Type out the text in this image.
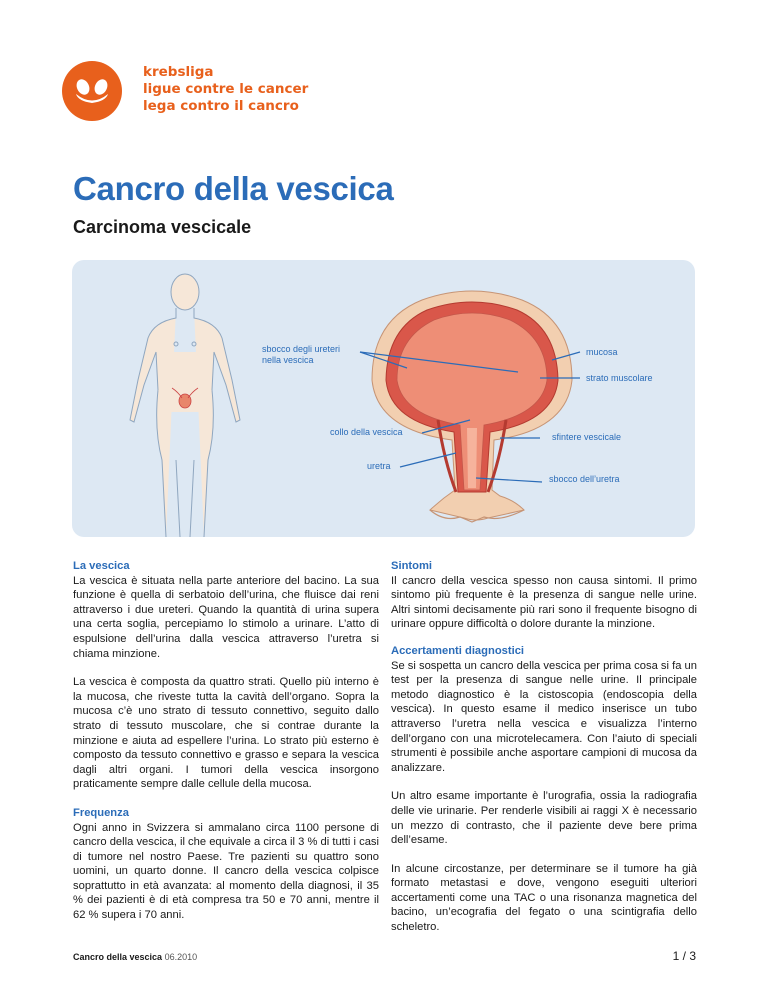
krebsliga
ligue contre le cancer
lega contro il cancro
Cancro della vescica
Carcinoma vescicale
sbocco degli ureteri
nella vescica
mucosa
strato muscolare
collo della vescica	sfintere vescicale
uretra
sbocco dell’uretra
La vescica

La vescica è situata nella parte anteriore del bacino. La sua funzione è quella di serbatoio dell’urina, che fluisce dai reni attraverso i due ureteri. Quando la quantità di urina supera una certa soglia, percepiamo lo stimolo a urinare. L’atto di espulsione dell’urina dalla vescica attraverso l’uretra si chiama minzione.

La vescica è composta da quattro strati. Quello più interno è la mucosa, che riveste tutta la cavità dell’organo. Sopra la mucosa c’è uno strato di tessuto connettivo, seguito dallo strato di tessuto muscolare, che si contrae durante la minzione e aiuta ad espellere l’urina. Lo strato più esterno è composto da tessuto connettivo e grasso e separa la vescica dagli altri organi. I tumori della vescica insorgono praticamente sempre dalle cellule della mucosa.

Frequenza

Ogni anno in Svizzera si ammalano circa 1100 persone di cancro della vescica, il che equivale a circa il 3 % di tutti i casi di tumore nel nostro Paese. Tre pazienti su quattro sono uomini, un quarto donne. Il cancro della vescica colpisce soprattutto in età avanzata: al momento della diagnosi, il 35 % dei pazienti è di età compresa tra 50 e 70 anni, mentre il 62 % supera i 70 anni.

Sintomi

Il cancro della vescica spesso non causa sintomi. Il primo sintomo più frequente è la presenza di sangue nelle urine. Altri sintomi decisamente più rari sono il frequente bisogno di urinare oppure difficoltà o dolore durante la minzione.

Accertamenti diagnostici

Se si sospetta un cancro della vescica per prima cosa si fa un test per la presenza di sangue nelle urine. Il principale metodo diagnostico è la cistoscopia (endoscopia della vescica). In questo esame il medico inserisce un tubo attraverso l’uretra nella vescica e visualizza l’interno dell’organo con una microtelecamera. Con l’aiuto di speciali strumenti è possibile anche asportare campioni di mucosa da analizzare.

Un altro esame importante è l’urografia, ossia la radiografia delle vie urinarie. Per renderle visibili ai raggi X è necessario un mezzo di contrasto, che il paziente deve bere prima dell’esame.

In alcune circostanze, per determinare se il tumore ha già formato metastasi e dove, vengono eseguiti ulteriori accertamenti come una TAC o una risonanza magnetica del bacino, un’ecografia del fegato o una scintigrafia dello scheletro.

Cancro della vescica 06.2010	1 / 3
